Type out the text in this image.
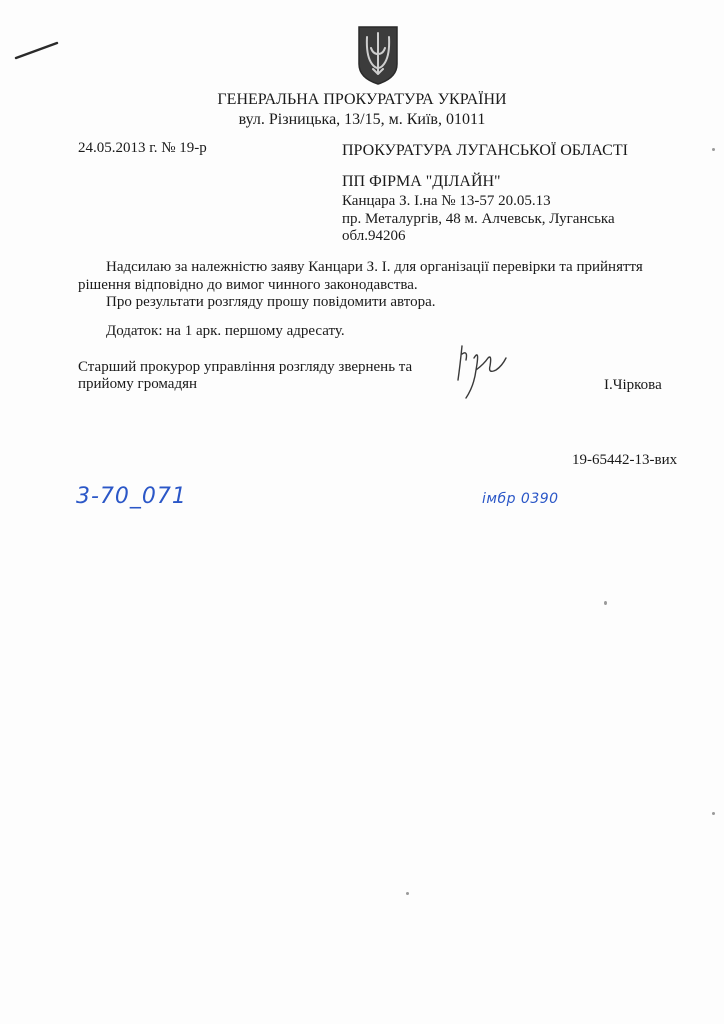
ГЕНЕРАЛЬНА ПРОКУРАТУРА УКРАЇНИ
вул. Різницька, 13/15, м. Київ, 01011
24.05.2013 г. № 19-р	ПРОКУРАТУРА ЛУГАНСЬКОЇ ОБЛАСТІ
ПП ФІРМА "ДІЛАЙН"
Канцара З. І.на № 13-57 20.05.13
пр. Металургів, 48 м. Алчевськ, Луганська
обл.94206
Надсилаю за належністю заяву Канцари З. І. для організації перевірки та прийняття
рішення відповідно до вимог чинного законодавства.
Про результати розгляду прошу повідомити автора.
Додаток: на 1 арк. першому адресату.
Старший прокурор управління розгляду звернень та
прийому громадян	І.Чіркова
19-65442-13-вих
3-70_071	імбр 0390
